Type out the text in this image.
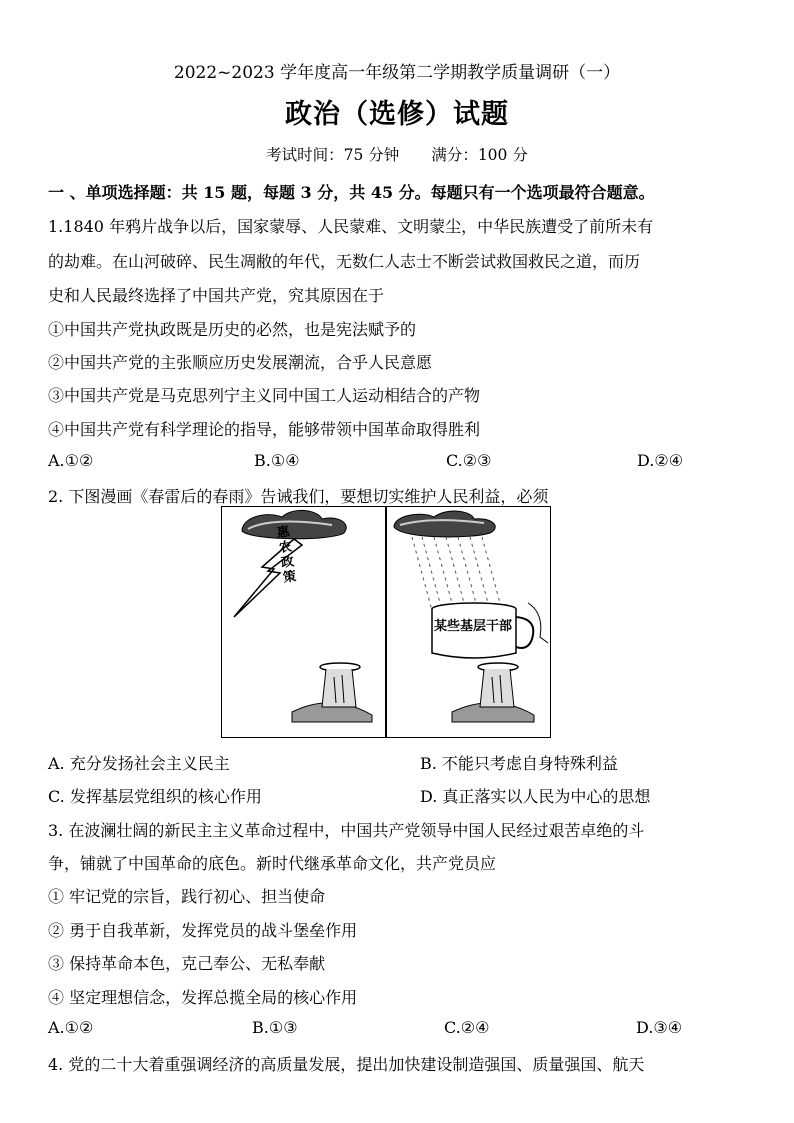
2022~2023 学年度高一年级第二学期教学质量调研（一）
政治（选修）试题
考试时间：75 分钟 满分：100 分
一 、单项选择题：共 15 题，每题 3 分，共 45 分。每题只有一个选项最符合题意。
1.1840 年鸦片战争以后，国家蒙辱、人民蒙难、文明蒙尘，中华民族遭受了前所未有
的劫难。在山河破碎、民生凋敝的年代，无数仁人志士不断尝试救国救民之道，而历
史和人民最终选择了中国共产党，究其原因在于
①中国共产党执政既是历史的必然，也是宪法赋予的
②中国共产党的主张顺应历史发展潮流，合乎人民意愿
③中国共产党是马克思列宁主义同中国工人运动相结合的产物
④中国共产党有科学理论的指导，能够带领中国革命取得胜利
A.①②	B.①④	C.②③	D.②④
2. 下图漫画《春雷后的春雨》告诫我们，要想切实维护人民利益，必须
惠农政策
某些基层干部
A. 充分发扬社会主义民主	B. 不能只考虑自身特殊利益
C. 发挥基层党组织的核心作用	D. 真正落实以人民为中心的思想
3. 在波澜壮阔的新民主主义革命过程中，中国共产党领导中国人民经过艰苦卓绝的斗
争，铺就了中国革命的底色。新时代继承革命文化，共产党员应
① 牢记党的宗旨，践行初心、担当使命
② 勇于自我革新，发挥党员的战斗堡垒作用
③ 保持革命本色，克己奉公、无私奉献
④ 坚定理想信念，发挥总揽全局的核心作用
A.①②	B.①③	C.②④	D.③④
4. 党的二十大着重强调经济的高质量发展，提出加快建设制造强国、质量强国、航天
